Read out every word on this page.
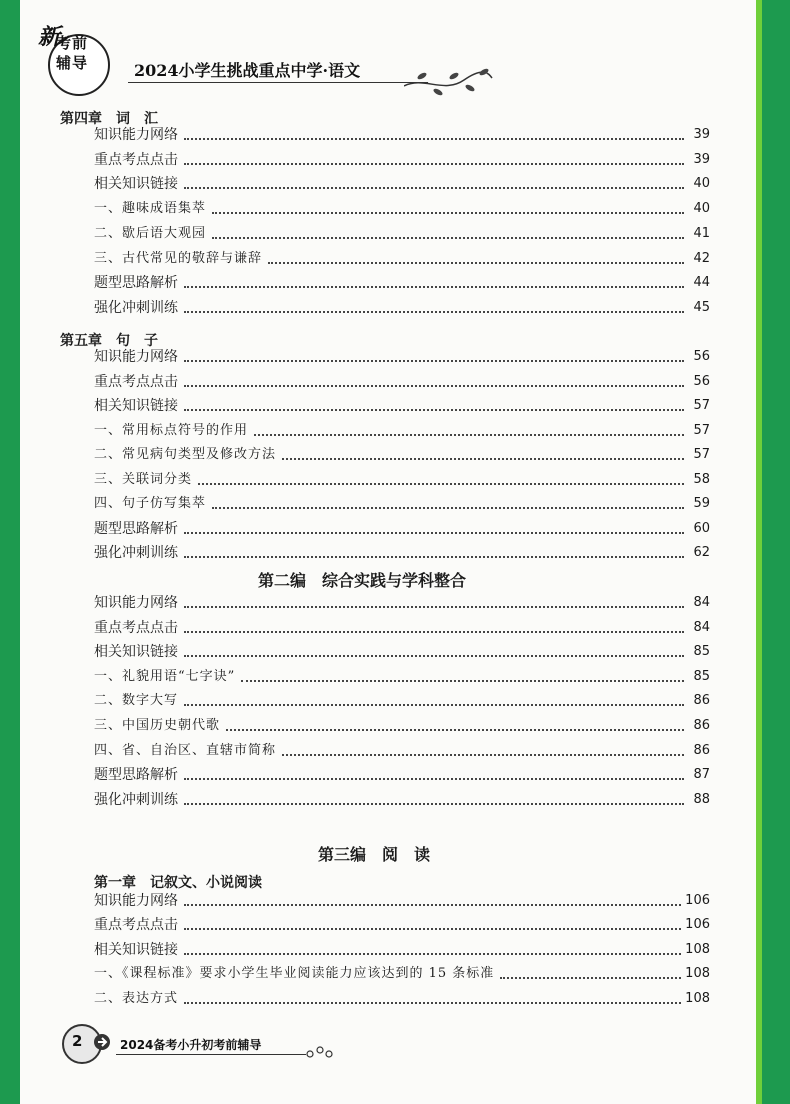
新
考前
辅导	2024小学生挑战重点中学·语文
第四章　词　汇
知识能力网络	39
重点考点点击	39
相关知识链接	40
一、趣味成语集萃	40
二、歇后语大观园	41
三、古代常见的敬辞与谦辞	42
题型思路解析	44
强化冲刺训练	45
第五章　句　子
知识能力网络	56
重点考点点击	56
相关知识链接	57
一、常用标点符号的作用	57
二、常见病句类型及修改方法	57
三、关联词分类	58
四、句子仿写集萃	59
题型思路解析	60
强化冲刺训练	62
第二编　综合实践与学科整合
知识能力网络	84
重点考点点击	84
相关知识链接	85
一、礼貌用语“七字诀”	85
二、数字大写	86
三、中国历史朝代歌	86
四、省、自治区、直辖市简称	86
题型思路解析	87
强化冲刺训练	88
第三编　阅　读
第一章　记叙文、小说阅读
知识能力网络	106
重点考点点击	106
相关知识链接	108
一、《课程标准》要求小学生毕业阅读能力应该达到的 15 条标准	108
二、表达方式	108
2	2024备考小升初考前辅导
